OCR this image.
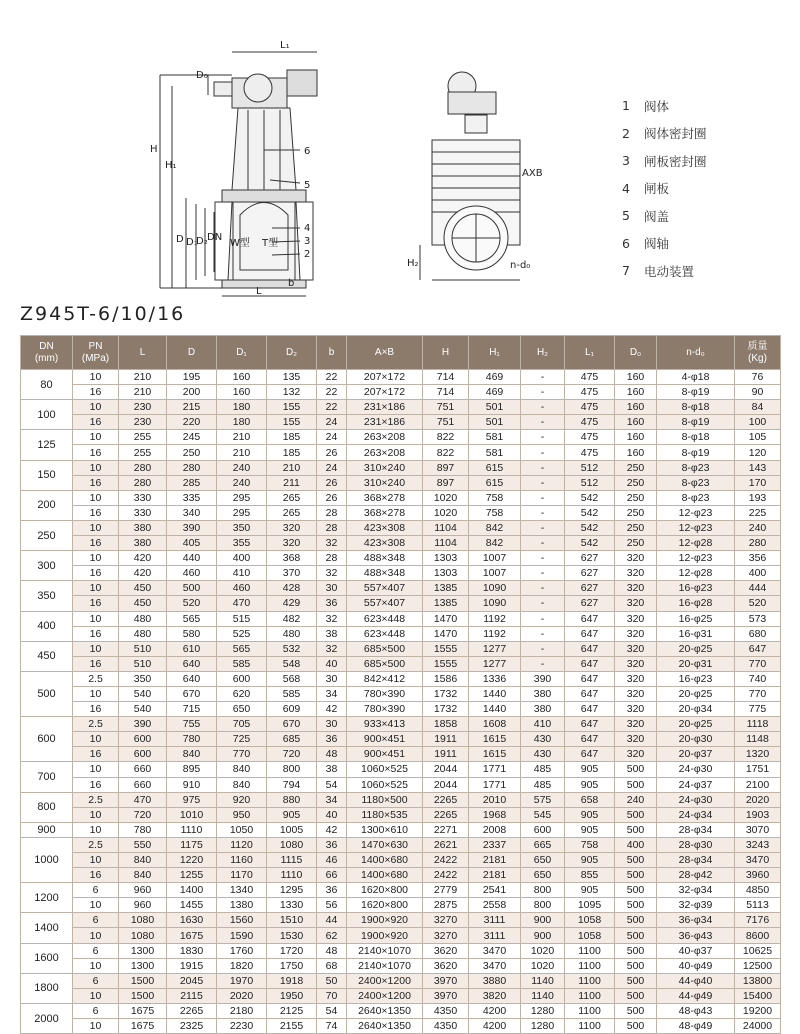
L₁
D₀
H
H₁
D D₁
D₂ DN
L
b
6
5
4
3
2
W型 T型
AXB
H₂	n-d₀
1	阀体
2	阀体密封圈
3	闸板密封圈
4	闸板
5	阀盖
6	阀轴
7	电动装置
Z945T-6/10/16
DN
(mm)	PN
(MPa)	L	D	D₁	D₂	b	A×B	H	H₁	H₂	L₁	D₀	n-d₀	质量
(Kg)
80	10	210	195	160	135	22	207×172	714	469	-	475	160	4-φ18	76
	16	210	200	160	132	22	207×172	714	469	-	475	160	8-φ19	90
100	10	230	215	180	155	22	231×186	751	501	-	475	160	8-φ18	84
	16	230	220	180	155	24	231×186	751	501	-	475	160	8-φ19	100
125	10	255	245	210	185	24	263×208	822	581	-	475	160	8-φ18	105
	16	255	250	210	185	26	263×208	822	581	-	475	160	8-φ19	120
150	10	280	280	240	210	24	310×240	897	615	-	512	250	8-φ23	143
	16	280	285	240	211	26	310×240	897	615	-	512	250	8-φ23	170
200	10	330	335	295	265	26	368×278	1020	758	-	542	250	8-φ23	193
	16	330	340	295	265	28	368×278	1020	758	-	542	250	12-φ23	225
250	10	380	390	350	320	28	423×308	1104	842	-	542	250	12-φ23	240
	16	380	405	355	320	32	423×308	1104	842	-	542	250	12-φ28	280
300	10	420	440	400	368	28	488×348	1303	1007	-	627	320	12-φ23	356
	16	420	460	410	370	32	488×348	1303	1007	-	627	320	12-φ28	400
350	10	450	500	460	428	30	557×407	1385	1090	-	627	320	16-φ23	444
	16	450	520	470	429	36	557×407	1385	1090	-	627	320	16-φ28	520
400	10	480	565	515	482	32	623×448	1470	1192	-	647	320	16-φ25	573
	16	480	580	525	480	38	623×448	1470	1192	-	647	320	16-φ31	680
450	10	510	610	565	532	32	685×500	1555	1277	-	647	320	20-φ25	647
	16	510	640	585	548	40	685×500	1555	1277	-	647	320	20-φ31	770
500	2.5	350	640	600	568	30	842×412	1586	1336	390	647	320	16-φ23	740
	10	540	670	620	585	34	780×390	1732	1440	380	647	320	20-φ25	770
	16	540	715	650	609	42	780×390	1732	1440	380	647	320	20-φ34	775
600	2.5	390	755	705	670	30	933×413	1858	1608	410	647	320	20-φ25	1118
	10	600	780	725	685	36	900×451	1911	1615	430	647	320	20-φ30	1148
	16	600	840	770	720	48	900×451	1911	1615	430	647	320	20-φ37	1320
700	10	660	895	840	800	38	1060×525	2044	1771	485	905	500	24-φ30	1751
	16	660	910	840	794	54	1060×525	2044	1771	485	905	500	24-φ37	2100
800	2.5	470	975	920	880	34	1180×500	2265	2010	575	658	240	24-φ30	2020
	10	720	1010	950	905	40	1180×535	2265	1968	545	905	500	24-φ34	1903
900	10	780	1110	1050	1005	42	1300×610	2271	2008	600	905	500	28-φ34	3070
1000	2.5	550	1175	1120	1080	36	1470×630	2621	2337	665	758	400	28-φ30	3243
	10	840	1220	1160	1115	46	1400×680	2422	2181	650	905	500	28-φ34	3470
	16	840	1255	1170	1110	66	1400×680	2422	2181	650	855	500	28-φ42	3960
1200	6	960	1400	1340	1295	36	1620×800	2779	2541	800	905	500	32-φ34	4850
	10	960	1455	1380	1330	56	1620×800	2875	2558	800	1095	500	32-φ39	5113
1400	6	1080	1630	1560	1510	44	1900×920	3270	3111	900	1058	500	36-φ34	7176
	10	1080	1675	1590	1530	62	1900×920	3270	3111	900	1058	500	36-φ43	8600
1600	6	1300	1830	1760	1720	48	2140×1070	3620	3470	1020	1100	500	40-φ37	10625
	10	1300	1915	1820	1750	68	2140×1070	3620	3470	1020	1100	500	40-φ49	12500
1800	6	1500	2045	1970	1918	50	2400×1200	3970	3880	1140	1100	500	44-φ40	13800
	10	1500	2115	2020	1950	70	2400×1200	3970	3820	1140	1100	500	44-φ49	15400
2000	6	1675	2265	2180	2125	54	2640×1350	4350	4200	1280	1100	500	48-φ43	19200
	10	1675	2325	2230	2155	74	2640×1350	4350	4200	1280	1100	500	48-φ49	24000
